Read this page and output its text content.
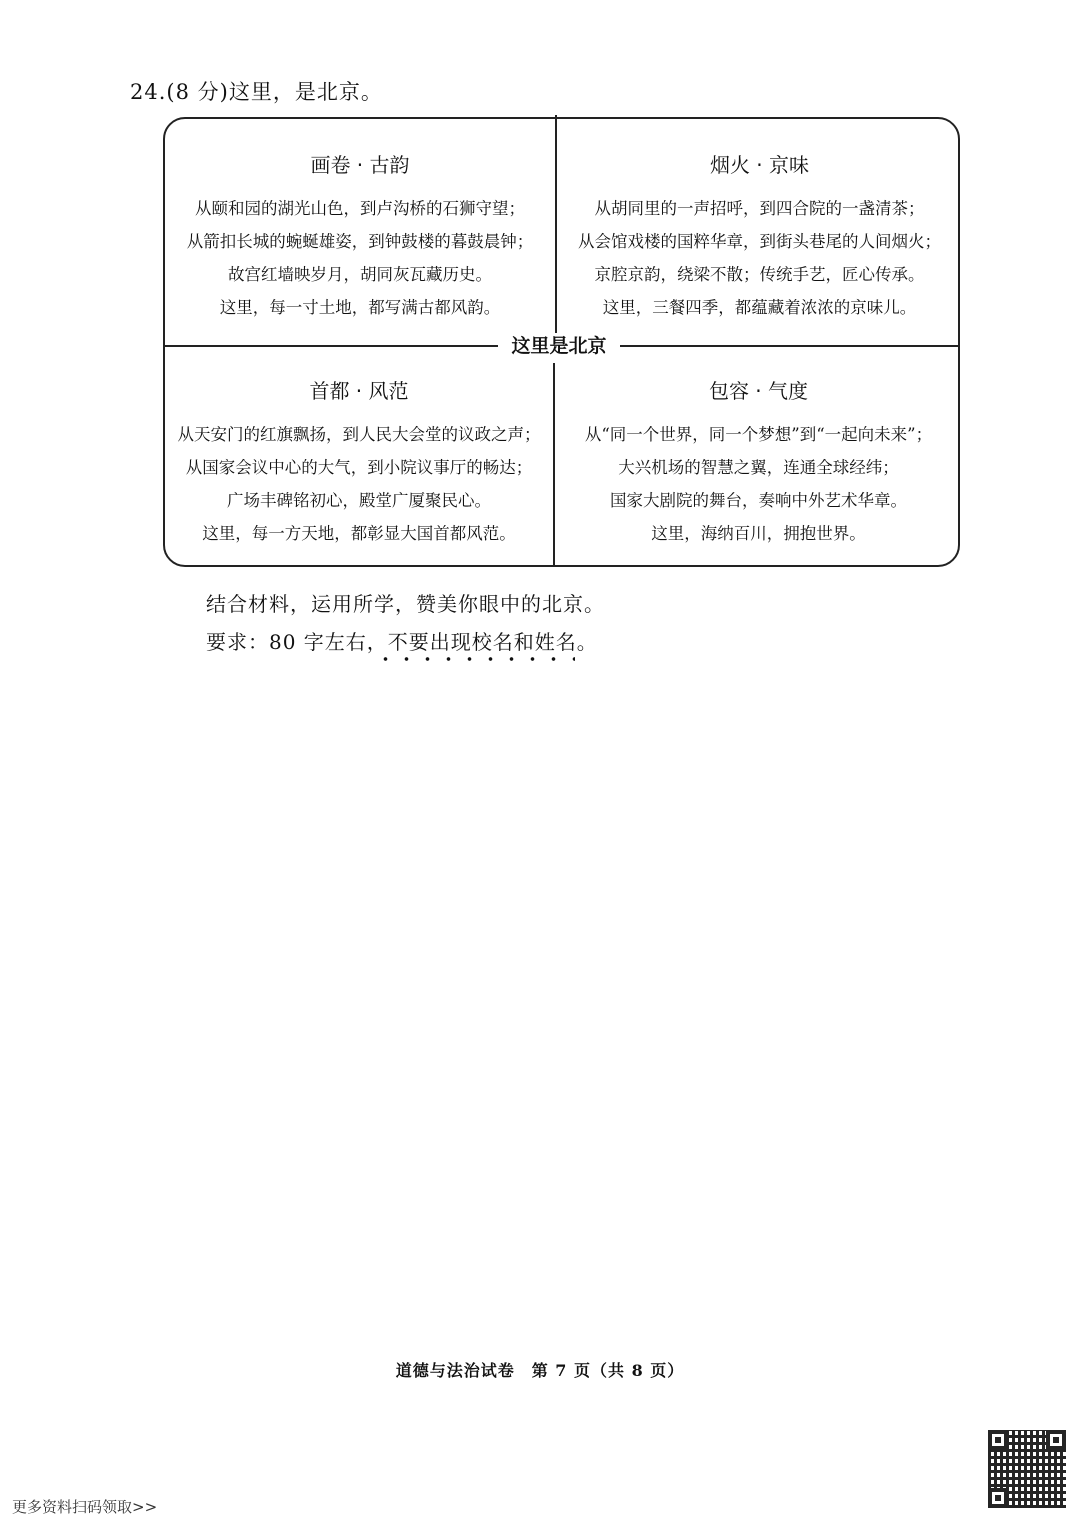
24.(8 分)这里，是北京。
这里是北京
画卷 · 古韵
从颐和园的湖光山色，到卢沟桥的石狮守望；
从箭扣长城的蜿蜒雄姿，到钟鼓楼的暮鼓晨钟；
故宫红墙映岁月，胡同灰瓦藏历史。
这里，每一寸土地，都写满古都风韵。
烟火 · 京味
从胡同里的一声招呼，到四合院的一盏清茶；
从会馆戏楼的国粹华章，到街头巷尾的人间烟火；
京腔京韵，绕梁不散；传统手艺，匠心传承。
这里，三餐四季，都蕴藏着浓浓的京味儿。
首都 · 风范
从天安门的红旗飘扬，到人民大会堂的议政之声；
从国家会议中心的大气，到小院议事厅的畅达；
广场丰碑铭初心，殿堂广厦聚民心。
这里，每一方天地，都彰显大国首都风范。
包容 · 气度
从“同一个世界，同一个梦想”到“一起向未来”；
大兴机场的智慧之翼，连通全球经纬；
国家大剧院的舞台，奏响中外艺术华章。
这里，海纳百川，拥抱世界。
结合材料，运用所学，赞美你眼中的北京。
要求：80 字左右，不要出现校名和姓名。
道德与法治试卷　第 7 页（共 8 页）
更多资料扫码领取>>
